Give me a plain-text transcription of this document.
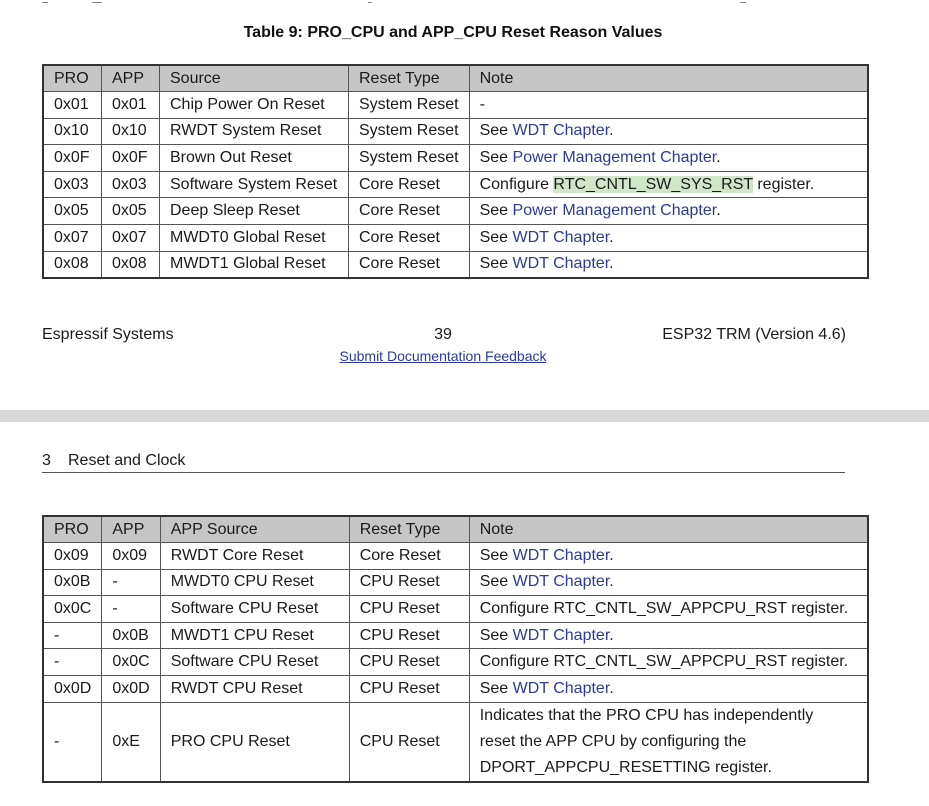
Table 9: PRO_CPU and APP_CPU Reset Reason Values
PRO	APP	Source	Reset Type	Note
0x01	0x01	Chip Power On Reset	System Reset	-
0x10	0x10	RWDT System Reset	System Reset	See WDT Chapter.
0x0F	0x0F	Brown Out Reset	System Reset	See Power Management Chapter.
0x03	0x03	Software System Reset	Core Reset	Configure RTC_CNTL_SW_SYS_RST register.
0x05	0x05	Deep Sleep Reset	Core Reset	See Power Management Chapter.
0x07	0x07	MWDT0 Global Reset	Core Reset	See WDT Chapter.
0x08	0x08	MWDT1 Global Reset	Core Reset	See WDT Chapter.
Espressif Systems	39	ESP32 TRM (Version 4.6)
Submit Documentation Feedback
3 Reset and Clock
PRO	APP	APP Source	Reset Type	Note
0x09	0x09	RWDT Core Reset	Core Reset	See WDT Chapter.
0x0B	-	MWDT0 CPU Reset	CPU Reset	See WDT Chapter.
0x0C	-	Software CPU Reset	CPU Reset	Configure RTC_CNTL_SW_APPCPU_RST register.
-	0x0B	MWDT1 CPU Reset	CPU Reset	See WDT Chapter.
-	0x0C	Software CPU Reset	CPU Reset	Configure RTC_CNTL_SW_APPCPU_RST register.
0x0D	0x0D	RWDT CPU Reset	CPU Reset	See WDT Chapter.
-	0xE	PRO CPU Reset	CPU Reset	Indicates that the PRO CPU has independently
reset the APP CPU by configuring the
DPORT_APPCPU_RESETTING register.
